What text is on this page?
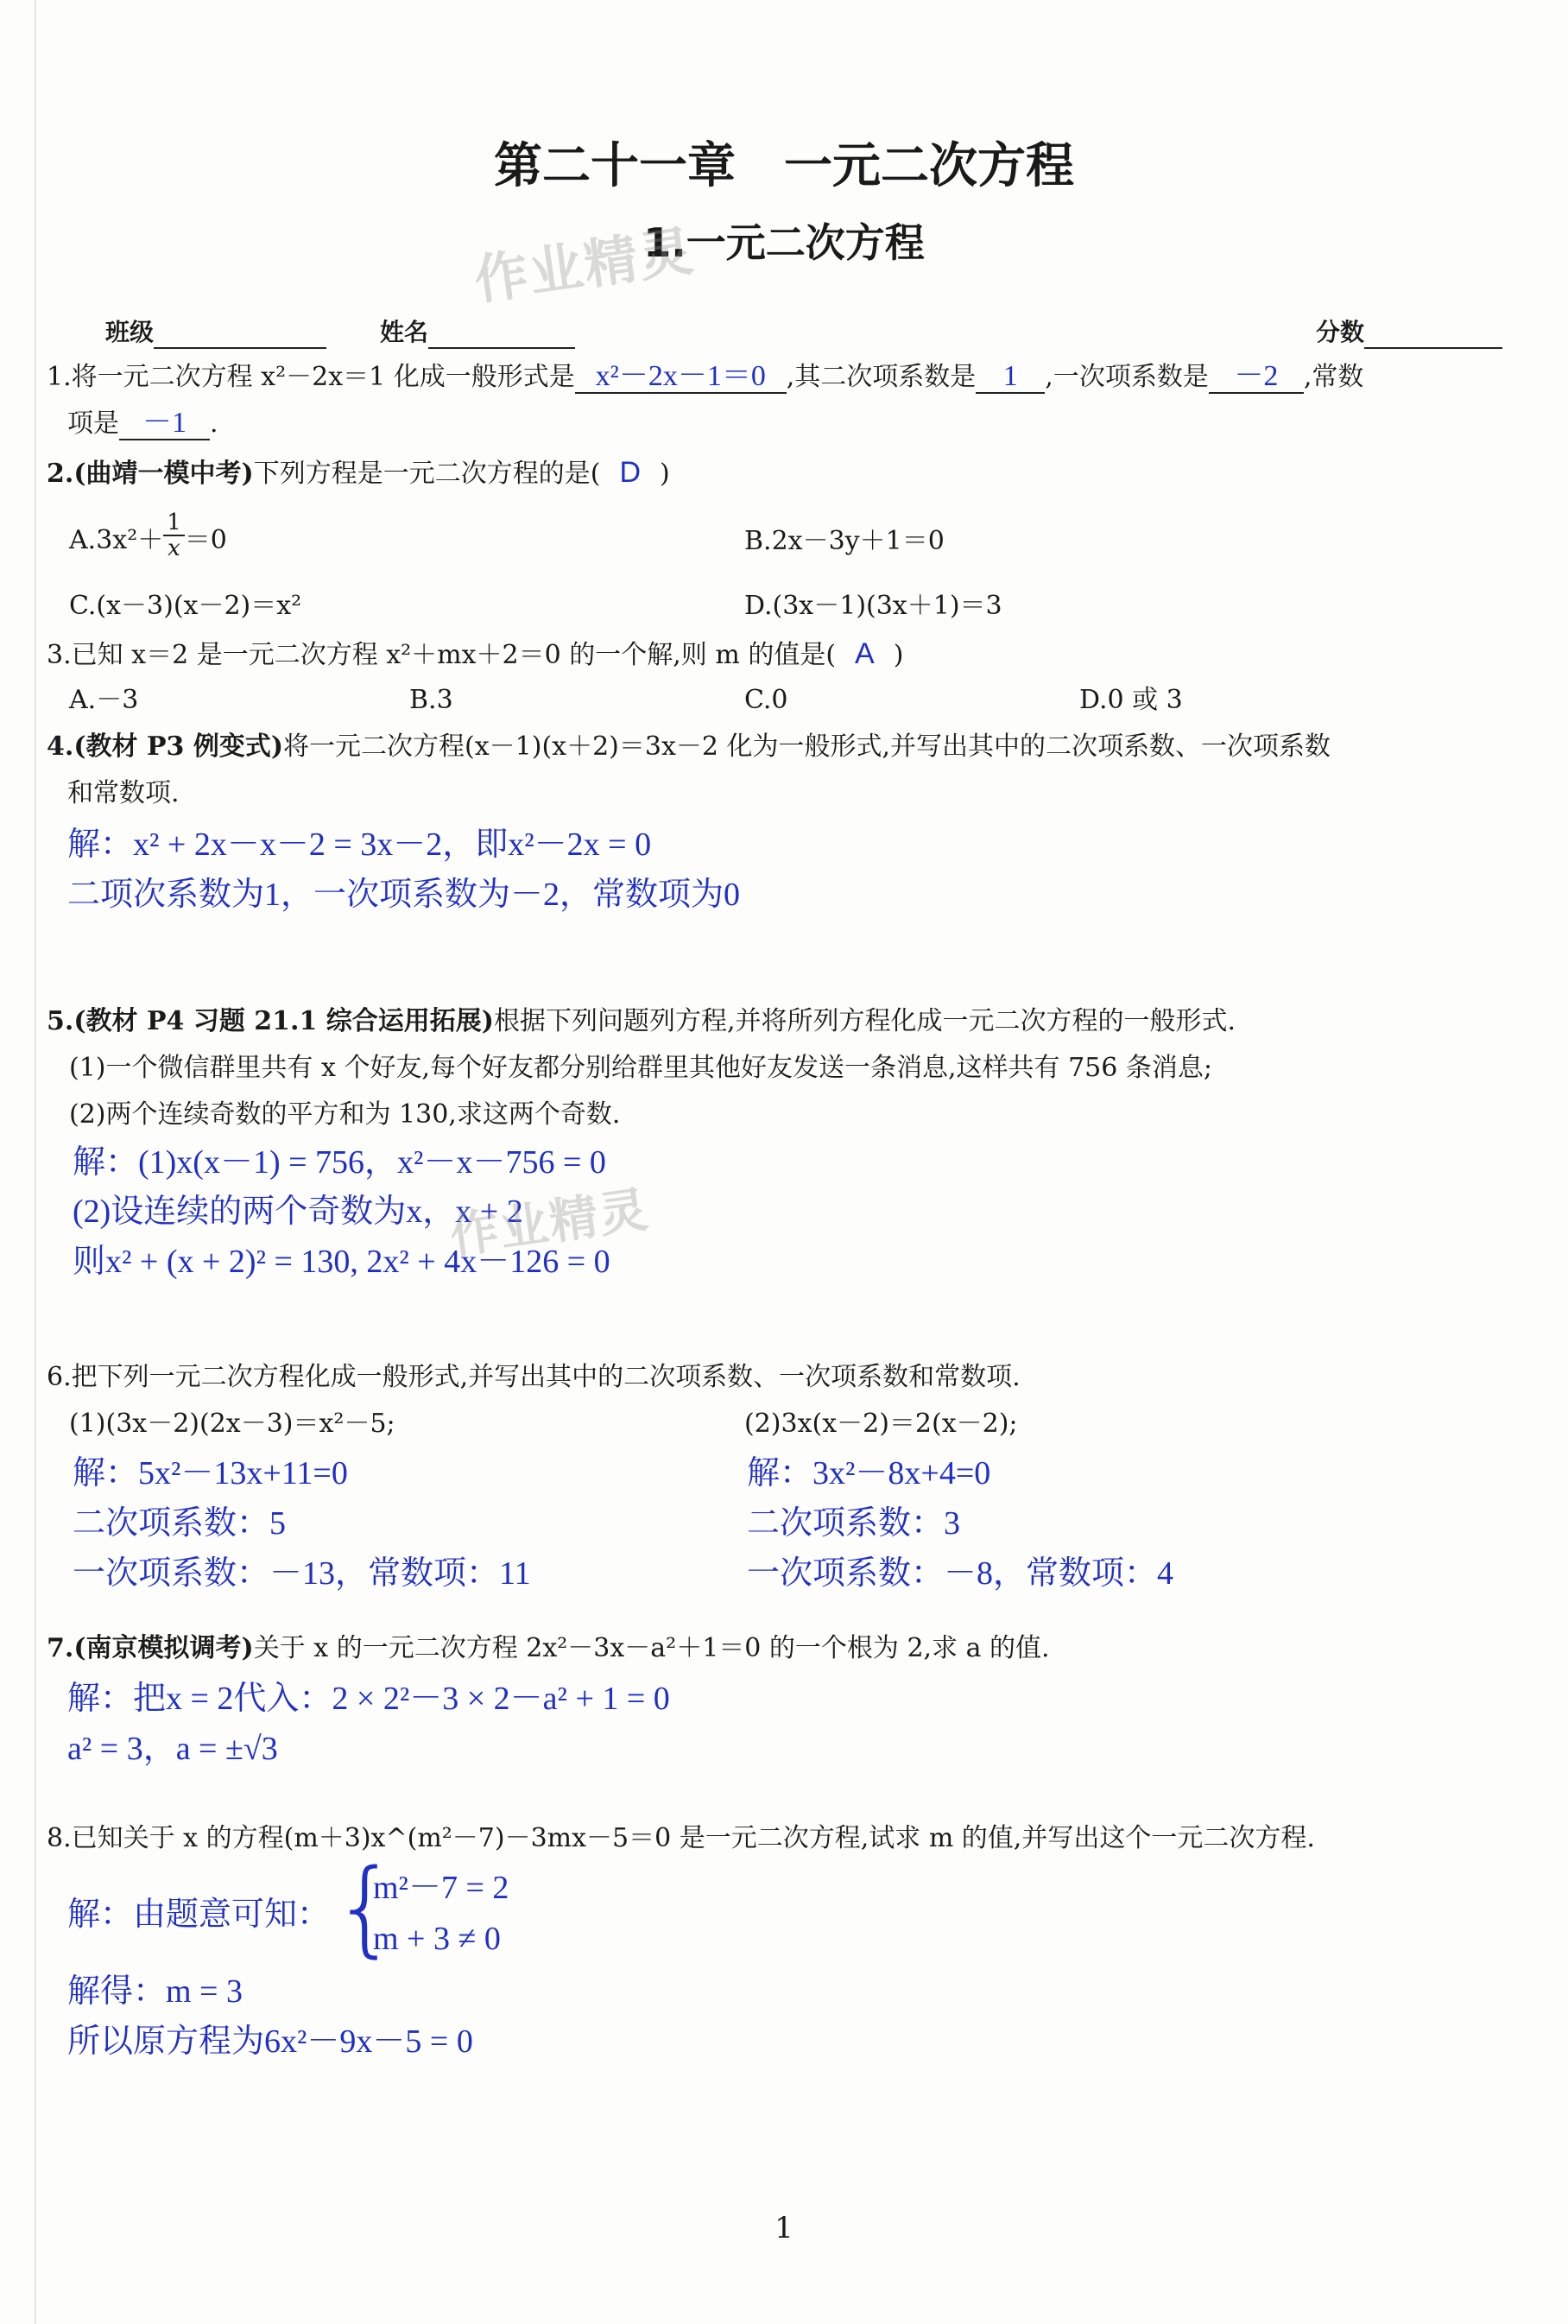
第二十一章　一元二次方程
1.一元二次方程
作业精灵
班级	姓名	分数
1.将一元二次方程 x²－2x＝1 化成一般形式是 x²－2x－1＝0 ,其二次项系数是 1 ,一次项系数是 －2 ,常数
项是 －1 .
2.(曲靖一模中考)下列方程是一元二次方程的是( D )
$A.3x^2+ \frac{1}{x} =0$	B.2x－3y＋1＝0
C.(x－3)(x－2)＝x²	D.(3x－1)(3x＋1)＝3
3.已知 x＝2 是一元二次方程 x²＋mx＋2＝0 的一个解,则 m 的值是( A )
A.－3	B.3	C.0	D.0 或 3
4.(教材 P3 例变式)将一元二次方程(x－1)(x＋2)＝3x－2 化为一般形式,并写出其中的二次项系数、一次项系数
和常数项.
解：x² + 2x－x－2 = 3x－2，即x²－2x = 0
二项次系数为1，一次项系数为－2，常数项为0
5.(教材 P4 习题 21.1 综合运用拓展)根据下列问题列方程,并将所列方程化成一元二次方程的一般形式.
(1)一个微信群里共有 x 个好友,每个好友都分别给群里其他好友发送一条消息,这样共有 756 条消息;
(2)两个连续奇数的平方和为 130,求这两个奇数.
解：(1)x(x－1) = 756，x²－x－756 = 0
(2)设连续的两个奇数为x，x + 2
作业精灵
则x² + (x + 2)² = 130, 2x² + 4x－126 = 0
6.把下列一元二次方程化成一般形式,并写出其中的二次项系数、一次项系数和常数项.
(1)(3x－2)(2x－3)＝x²－5;	(2)3x(x－2)＝2(x－2);
解：5x²－13x+11=0
二次项系数：5
一次项系数：－13，常数项：11
解：3x²－8x+4=0
二次项系数：3
一次项系数：－8，常数项：4
7.(南京模拟调考)关于 x 的一元二次方程 2x²－3x－a²＋1＝0 的一个根为 2,求 a 的值.
解：把x = 2代入：2 × 2²－3 × 2－a² + 1 = 0
a² = 3，a = ±√3
8.已知关于 x 的方程(m＋3)x^(m²－7)－3mx－5＝0 是一元二次方程,试求 m 的值,并写出这个一元二次方程.
解：由题意可知： {
m²－7 = 2
m + 3 ≠ 0
解得：m = 3
所以原方程为6x²－9x－5 = 0
1
